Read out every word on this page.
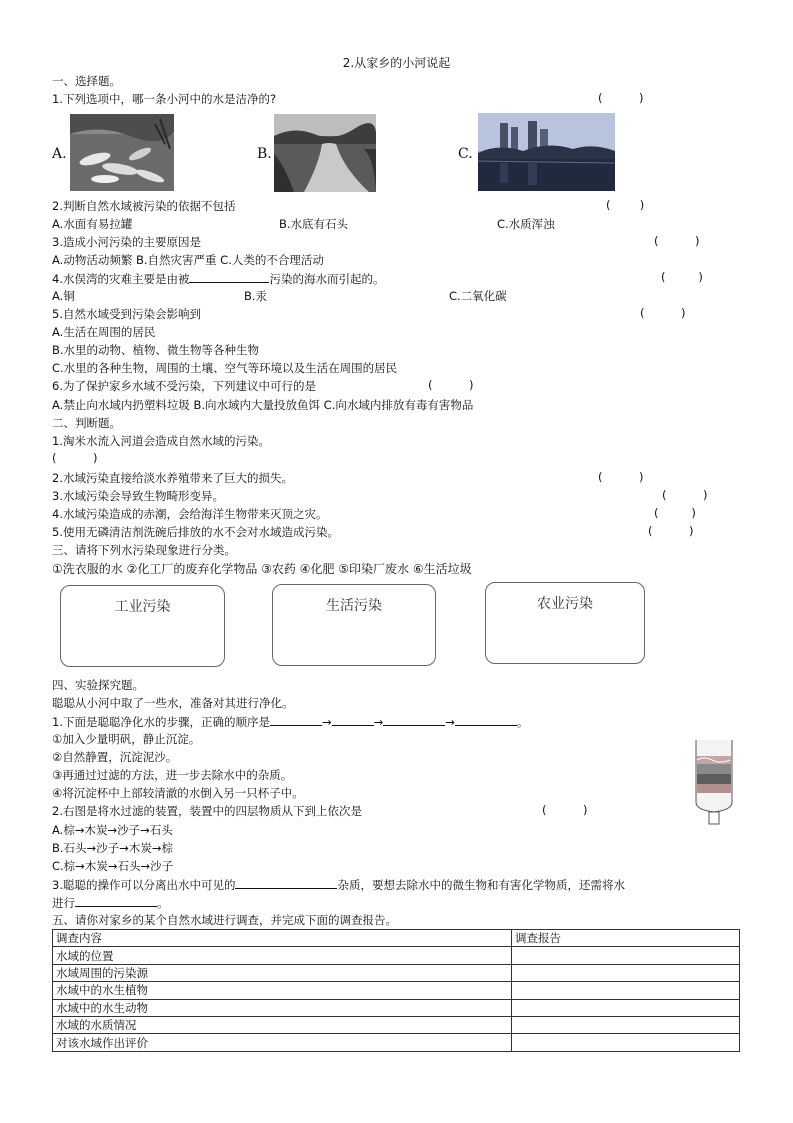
2.从家乡的小河说起
一、选择题。
1.下列选项中，哪一条小河中的水是洁净的?	(          )
A.	B.	C.
2.判断自然水域被污染的依据不包括	(        )
A.水面有易拉罐	B.水底有石头	C.水质浑浊
3.造成小河污染的主要原因是	(          )
A.动物活动频繁 B.自然灾害严重 C.人类的不合理活动
4.水俣湾的灾难主要是由被	污染的海水而引起的。	(         )
A.铜	B.汞	C.二氧化碳
5.自然水域受到污染会影响到	(          )
A.生活在周围的居民
B.水里的动物、植物、微生物等各种生物
C.水里的各种生物，周围的土壤、空气等环境以及生活在周围的居民
6.为了保护家乡水域不受污染，下列建议中可行的是	(          )
A.禁止向水域内扔塑料垃圾 B.向水域内大量投放鱼饵 C.向水域内排放有毒有害物品
二、判断题。
1.淘米水流入河道会造成自然水域的污染。
(          )
2.水域污染直接给淡水养殖带来了巨大的损失。	(          )
3.水域污染会导致生物畸形变异。	(          )
4.水域污染造成的赤潮，会给海洋生物带来灭顶之灾。	(         )
5.使用无磷清洁剂洗碗后排放的水不会对水域造成污染。	(          )
三、请将下列水污染现象进行分类。
①洗衣服的水 ②化工厂的废弃化学物品 ③农药 ④化肥 ⑤印染厂废水 ⑥生活垃圾
工业污染	生活污染	农业污染
四、实验探究题。
聪聪从小河中取了一些水，准备对其进行净化。
1.下面是聪聪净化水的步骤，正确的顺序是	→	→	→	。
①加入少量明矾，静止沉淀。
②自然静置，沉淀泥沙。
③再通过过滤的方法，进一步去除水中的杂质。
④将沉淀杯中上部较清澈的水倒入另一只杯子中。
2.右图是将水过滤的装置，装置中的四层物质从下到上依次是	(          )
A.棕→木炭→沙子→石头
B.石头→沙子→木炭→棕
C.棕→木炭→石头→沙子
3.聪聪的操作可以分离出水中可见的	杂质，要想去除水中的微生物和有害化学物质，还需将水
进行	。
五、请你对家乡的某个自然水域进行调查，并完成下面的调查报告。
调查内容	调查报告
水域的位置	
水域周围的污染源	
水域中的水生植物	
水域中的水生动物	
水域的水质情况	
对该水域作出评价	
